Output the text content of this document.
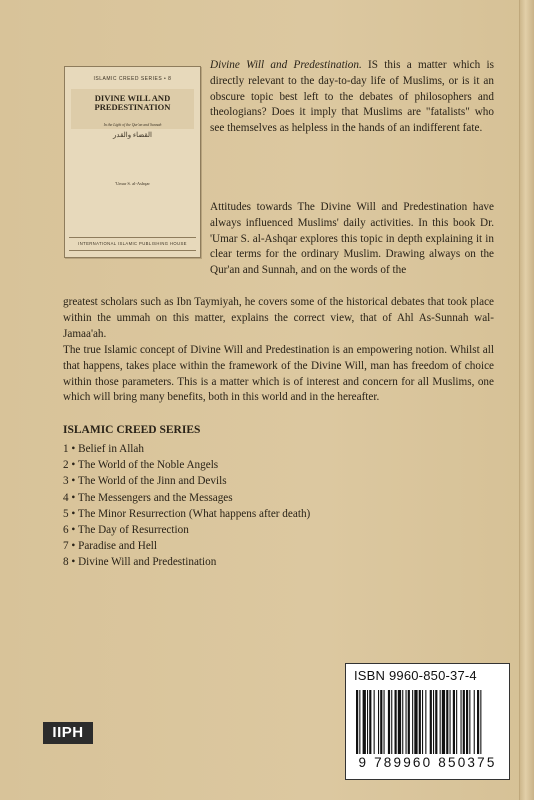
ISLAMIC CREED SERIES • 8
DIVINE WILL AND PREDESTINATION
In the Light of the Qur'an and Sunnah
القضاء والقدر
'Umar S. al-Ashqar
INTERNATIONAL ISLAMIC PUBLISHING HOUSE

Divine Will and Predestination. IS this a matter which is directly relevant to the day-to-day life of Muslims, or is it an obscure topic best left to the debates of philosophers and theologians? Does it imply that Muslims are "fatalists" who see themselves as helpless in the hands of an indifferent fate.

Attitudes towards The Divine Will and Predestination have always influenced Muslims' daily activities. In this book Dr. 'Umar S. al-Ashqar explores this topic in depth explaining it in clear terms for the ordinary Muslim. Drawing always on the Qur'an and Sunnah, and on the words of the

greatest scholars such as Ibn Taymiyah, he covers some of the historical debates that took place within the ummah on this matter, explains the correct view, that of Ahl As-Sunnah wal-Jamaa'ah.

The true Islamic concept of Divine Will and Predestination is an empowering notion. Whilst all that happens, takes place within the framework of the Divine Will, man has freedom of choice within those parameters. This is a matter which is of interest and concern for all Muslims, one which will bring many benefits, both in this world and in the hereafter.

ISLAMIC CREED SERIES
1 • Belief in Allah
2 • The World of the Noble Angels
3 • The World of the Jinn and Devils
4 • The Messengers and the Messages
5 • The Minor Resurrection (What happens after death)
6 • The Day of Resurrection
7 • Paradise and Hell
8 • Divine Will and Predestination
ISBN 9960-850-37-4
9 789960 850375
IIPH
